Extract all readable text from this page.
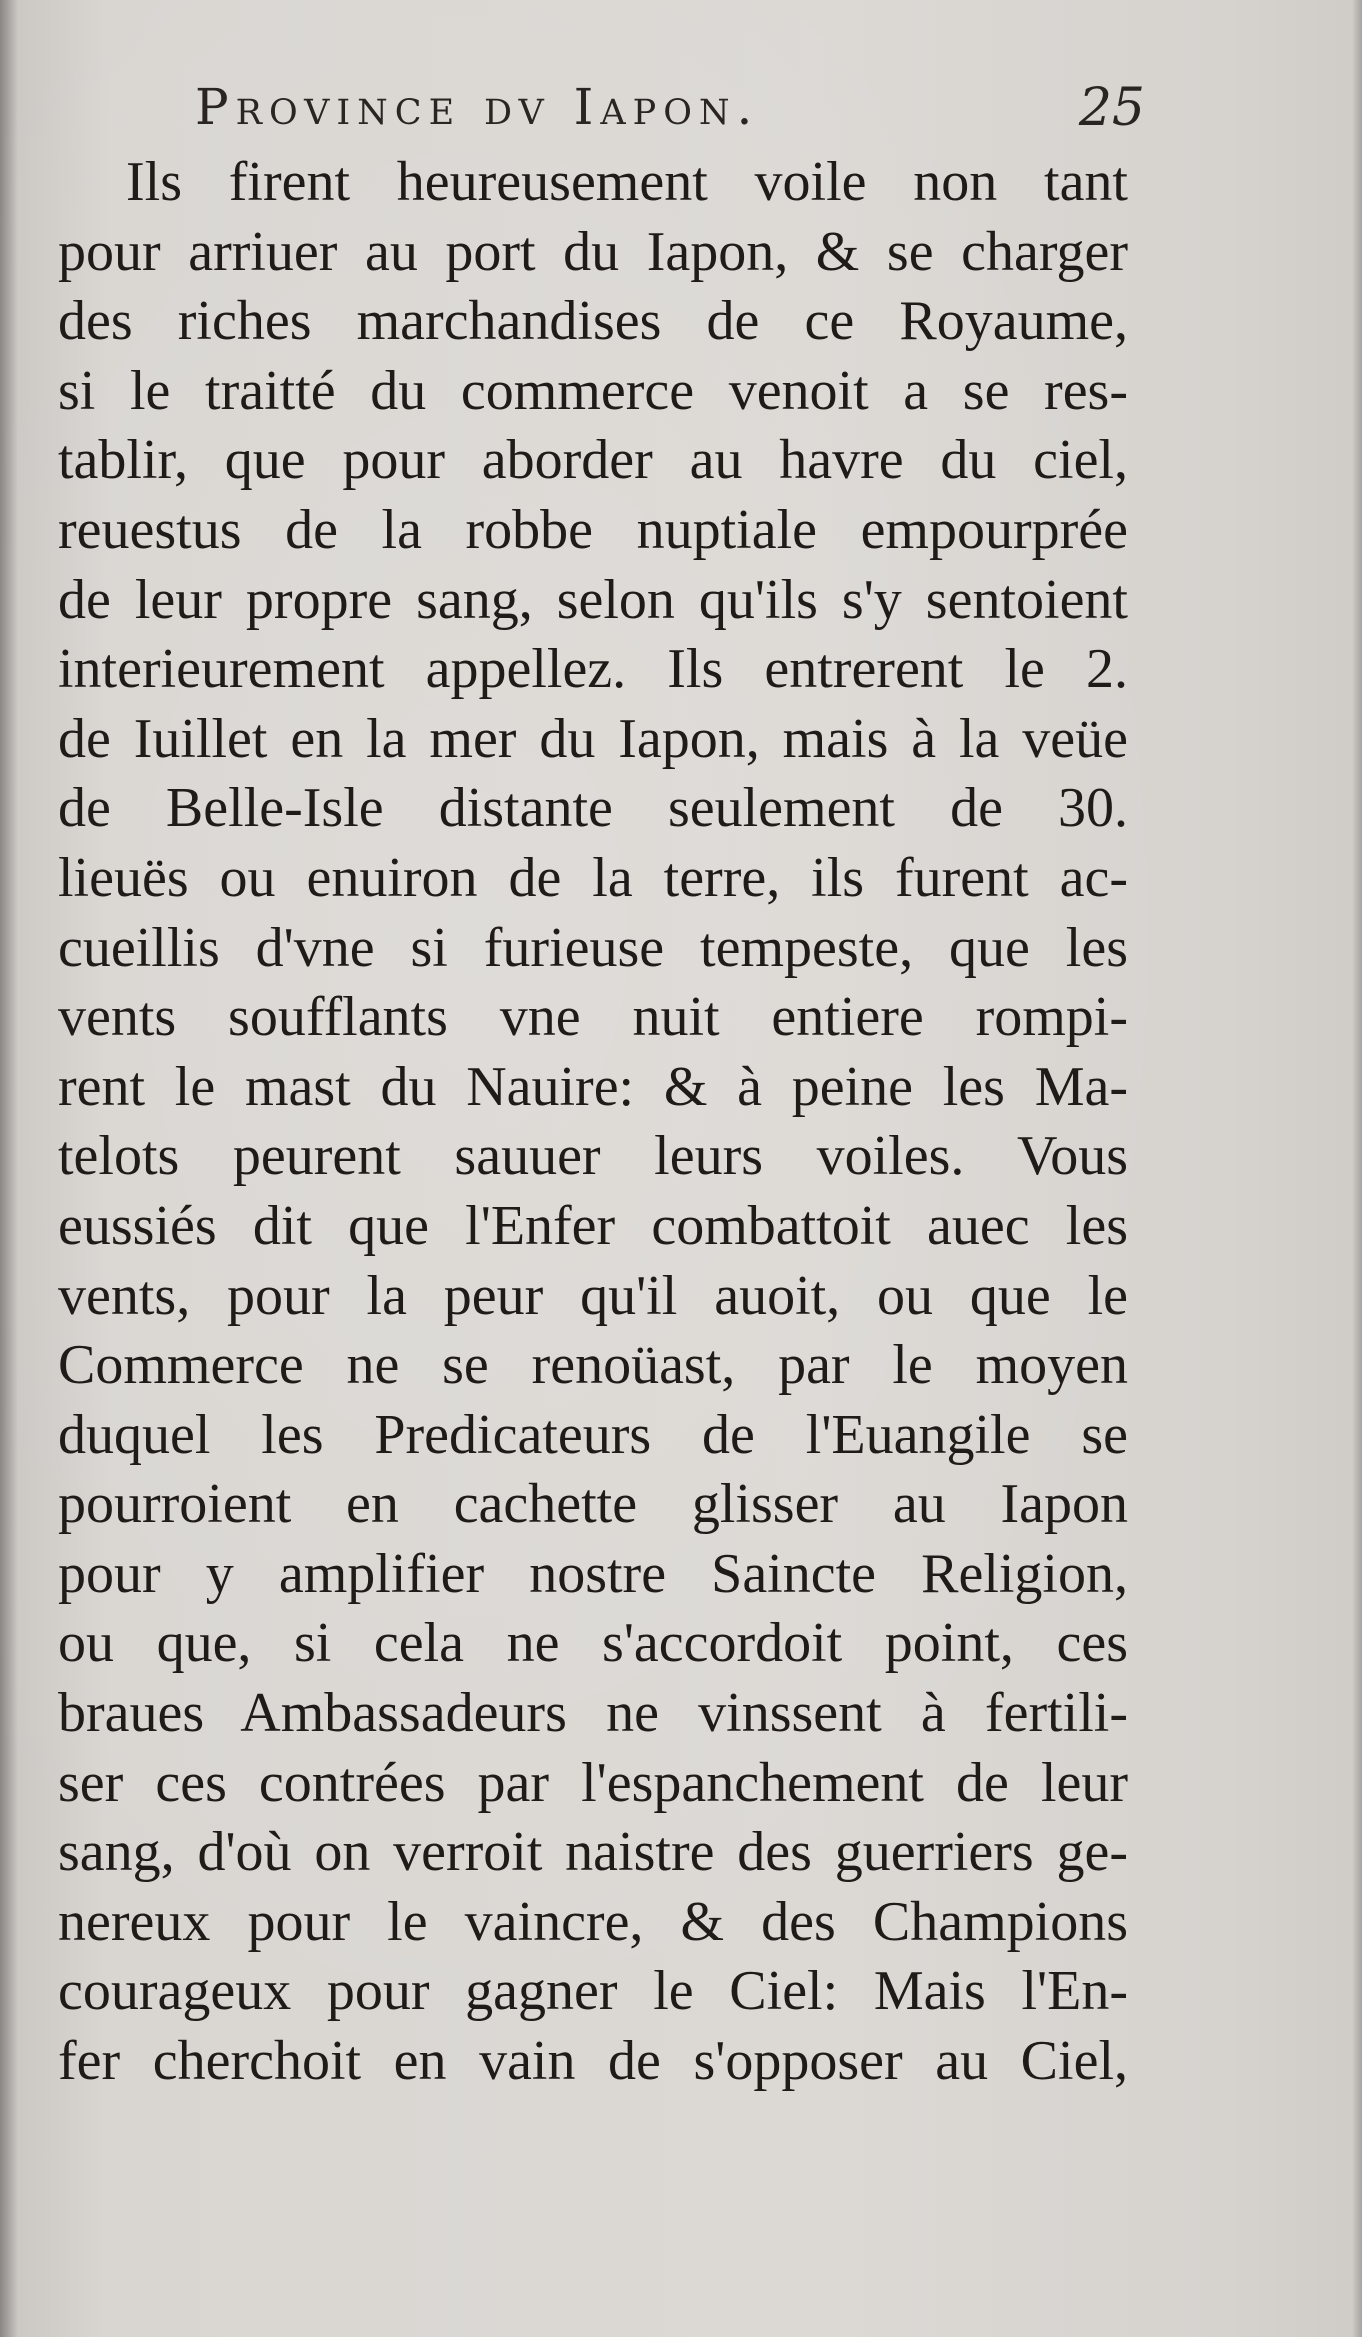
Province dv Iapon.	25
Ils firent heureusement voile non tant
pour arriuer au port du Iapon, & se charger
des riches marchandises de ce Royaume,
si le traitté du commerce venoit a se res-
tablir, que pour aborder au havre du ciel,
reuestus de la robbe nuptiale empourprée
de leur propre sang, selon qu'ils s'y sentoient
interieurement appellez. Ils entrerent le 2.
de Iuillet en la mer du Iapon, mais à la veüe
de Belle-Isle distante seulement de 30.
lieuës ou enuiron de la terre, ils furent ac-
cueillis d'vne si furieuse tempeste, que les
vents soufflants vne nuit entiere rompi-
rent le mast du Nauire: & à peine les Ma-
telots peurent sauuer leurs voiles. Vous
eussiés dit que l'Enfer combattoit auec les
vents, pour la peur qu'il auoit, ou que le
Commerce ne se renoüast, par le moyen
duquel les Predicateurs de l'Euangile se
pourroient en cachette glisser au Iapon
pour y amplifier nostre Saincte Religion,
ou que, si cela ne s'accordoit point, ces
braues Ambassadeurs ne vinssent à fertili-
ser ces contrées par l'espanchement de leur
sang, d'où on verroit naistre des guerriers ge-
nereux pour le vaincre, & des Champions
courageux pour gagner le Ciel: Mais l'En-
fer cherchoit en vain de s'opposer au Ciel,
